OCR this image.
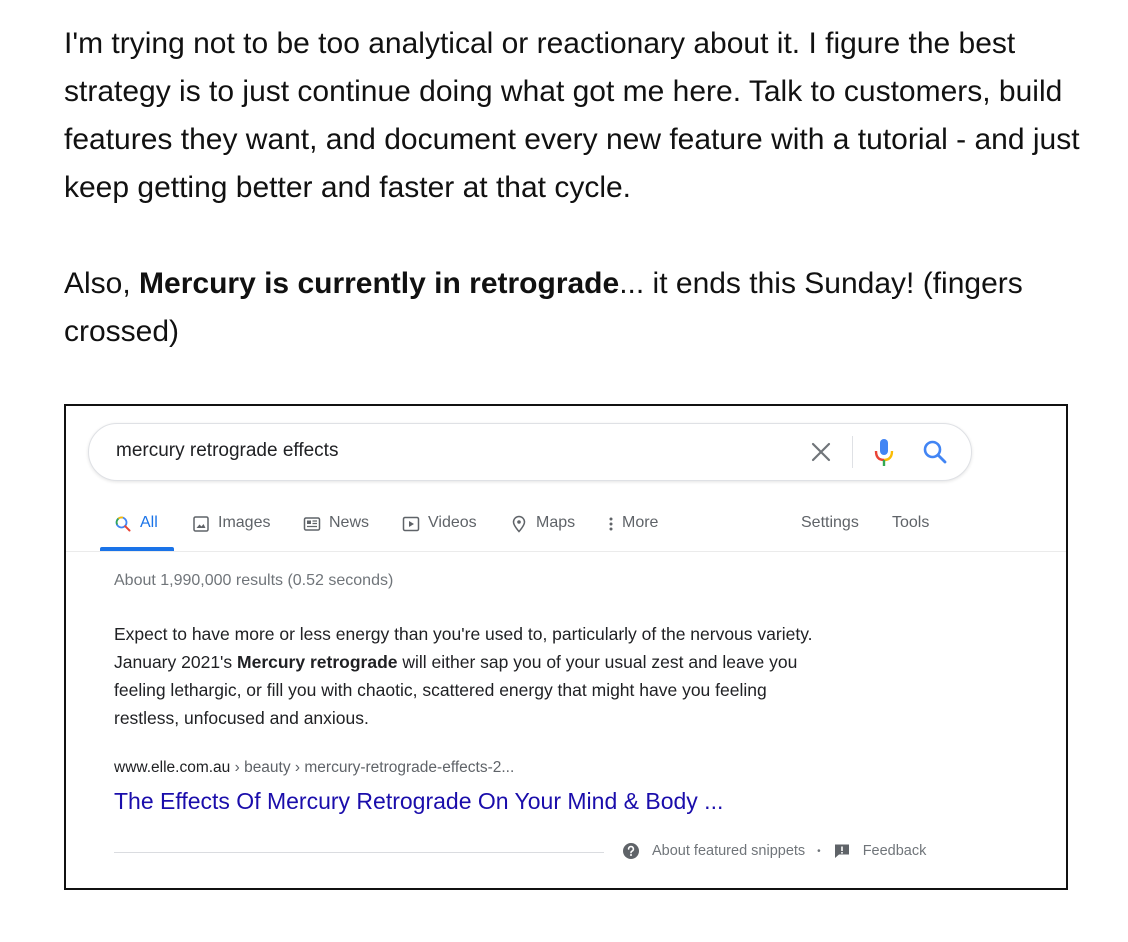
I'm trying not to be too analytical or reactionary about it. I figure the best

strategy is to just continue doing what got me here. Talk to customers, build

features they want, and document every new feature with a tutorial - and just

keep getting better and faster at that cycle.

Also, Mercury is currently in retrograde... it ends this Sunday! (fingers

crossed)

mercury retrograde effects
All	Images	News	Videos	Maps	More	Settings Tools
About 1,990,000 results (0.52 seconds)
Expect to have more or less energy than you're used to, particularly of the nervous variety.
January 2021's Mercury retrograde will either sap you of your usual zest and leave you
feeling lethargic, or fill you with chaotic, scattered energy that might have you feeling
restless, unfocused and anxious.
www.elle.com.au › beauty › mercury-retrograde-effects-2...
The Effects Of Mercury Retrograde On Your Mind & Body ...
About featured snippets •	Feedback
